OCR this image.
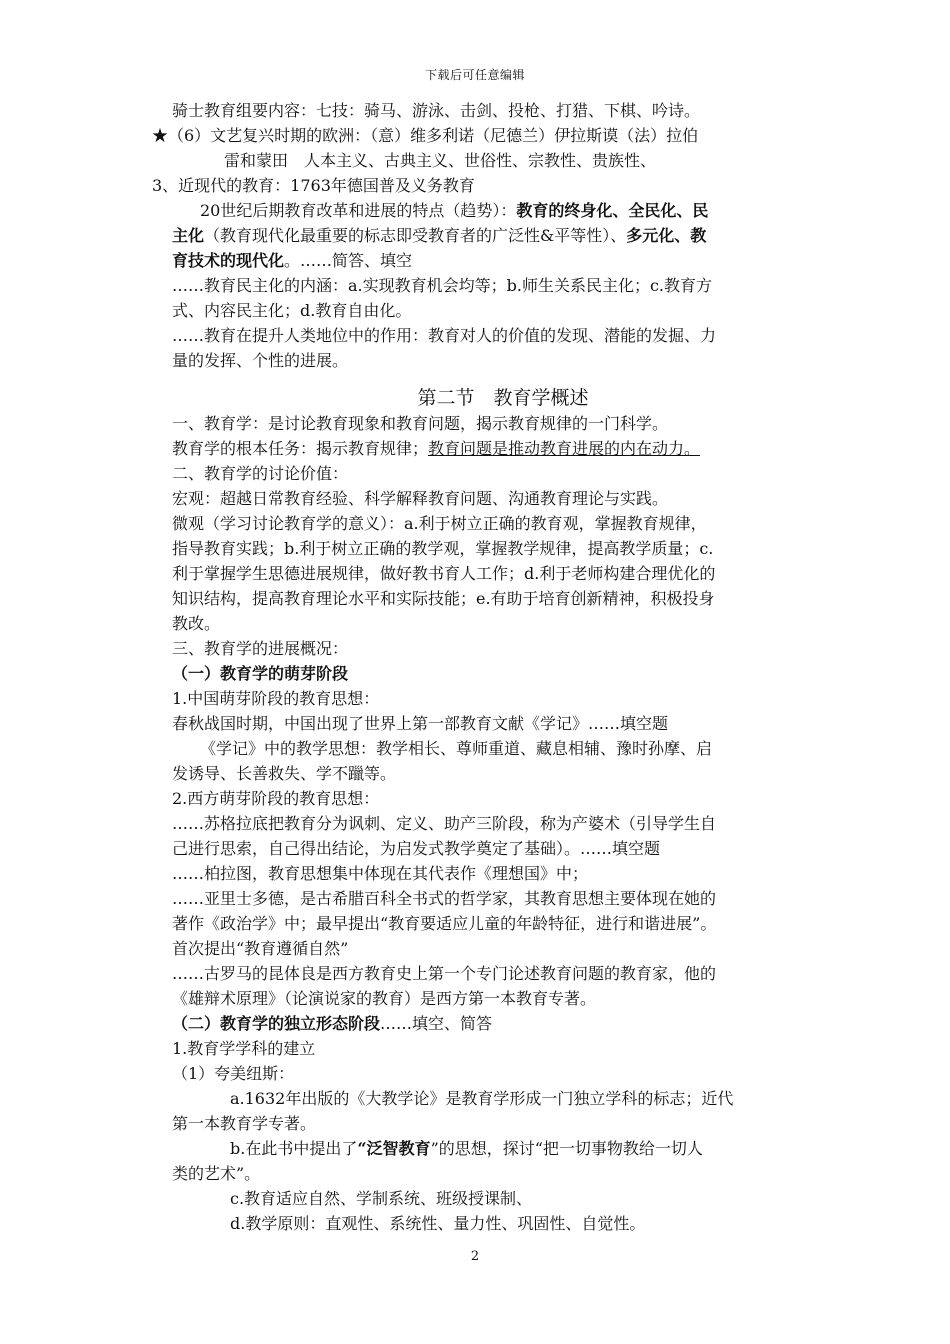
下载后可任意编辑
骑士教育组要内容：七技：骑马、游泳、击剑、投枪、打猎、下棋、吟诗。
★（6）文艺复兴时期的欧洲：（意）维多利诺（尼德兰）伊拉斯谟（法）拉伯
雷和蒙田　人本主义、古典主义、世俗性、宗教性、贵族性、
3、近现代的教育：1763年德国普及义务教育
20世纪后期教育改革和进展的特点（趋势）：教育的终身化、全民化、民
主化（教育现代化最重要的标志即受教育者的广泛性&平等性）、多元化、教
育技术的现代化。……简答、填空
……教育民主化的内涵：a.实现教育机会均等；b.师生关系民主化；c.教育方
式、内容民主化；d.教育自由化。
……教育在提升人类地位中的作用：教育对人的价值的发现、潜能的发掘、力
量的发挥、个性的进展。
第二节　教育学概述
一、教育学：是讨论教育现象和教育问题，揭示教育规律的一门科学。
教育学的根本任务：揭示教育规律；教育问题是推动教育进展的内在动力。
二、教育学的讨论价值：
宏观：超越日常教育经验、科学解释教育问题、沟通教育理论与实践。
微观（学习讨论教育学的意义）：a.利于树立正确的教育观，掌握教育规律，
指导教育实践；b.利于树立正确的教学观，掌握教学规律，提高教学质量；c.
利于掌握学生思德进展规律，做好教书育人工作；d.利于老师构建合理优化的
知识结构，提高教育理论水平和实际技能；e.有助于培育创新精神，积极投身
教改。
三、教育学的进展概况：
（一）教育学的萌芽阶段
1.中国萌芽阶段的教育思想：
春秋战国时期，中国出现了世界上第一部教育文献《学记》……填空题
《学记》中的教学思想：教学相长、尊师重道、藏息相辅、豫时孙摩、启
发诱导、长善救失、学不躐等。
2.西方萌芽阶段的教育思想：
……苏格拉底把教育分为讽刺、定义、助产三阶段，称为产婆术（引导学生自
己进行思索，自己得出结论，为启发式教学奠定了基础）。……填空题
……柏拉图，教育思想集中体现在其代表作《理想国》中；
……亚里士多德，是古希腊百科全书式的哲学家，其教育思想主要体现在她的
著作《政治学》中；最早提出“教育要适应儿童的年龄特征，进行和谐进展”。
首次提出“教育遵循自然”
……古罗马的昆体良是西方教育史上第一个专门论述教育问题的教育家，他的
《雄辩术原理》（论演说家的教育）是西方第一本教育专著。
（二）教育学的独立形态阶段……填空、简答
1.教育学学科的建立
（1）夸美纽斯：
a.1632年出版的《大教学论》是教育学形成一门独立学科的标志；近代
第一本教育学专著。
b.在此书中提出了“泛智教育”的思想，探讨“把一切事物教给一切人
类的艺术”。
c.教育适应自然、学制系统、班级授课制、
d.教学原则：直观性、系统性、量力性、巩固性、自觉性。
2
